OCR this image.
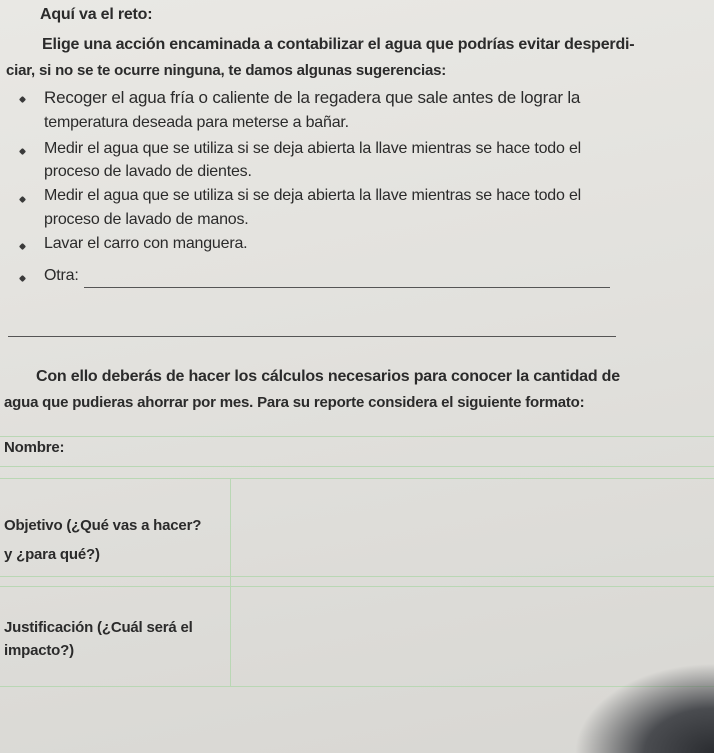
Aquí va el reto:
Elige una acción encaminada a contabilizar el agua que podrías evitar desperdi-
ciar, si no se te ocurre ninguna, te damos algunas sugerencias:
Recoger el agua fría o caliente de la regadera que sale antes de lograr la
temperatura deseada para meterse a bañar.
Medir el agua que se utiliza si se deja abierta la llave mientras se hace todo el
proceso de lavado de dientes.
Medir el agua que se utiliza si se deja abierta la llave mientras se hace todo el
proceso de lavado de manos.
Lavar el carro con manguera.
Otra:
Con ello deberás de hacer los cálculos necesarios para conocer la cantidad de
agua que pudieras ahorrar por mes. Para su reporte considera el siguiente formato:
Nombre:
Objetivo (¿Qué vas a hacer?
y ¿para qué?)
Justificación (¿Cuál será el
impacto?)
